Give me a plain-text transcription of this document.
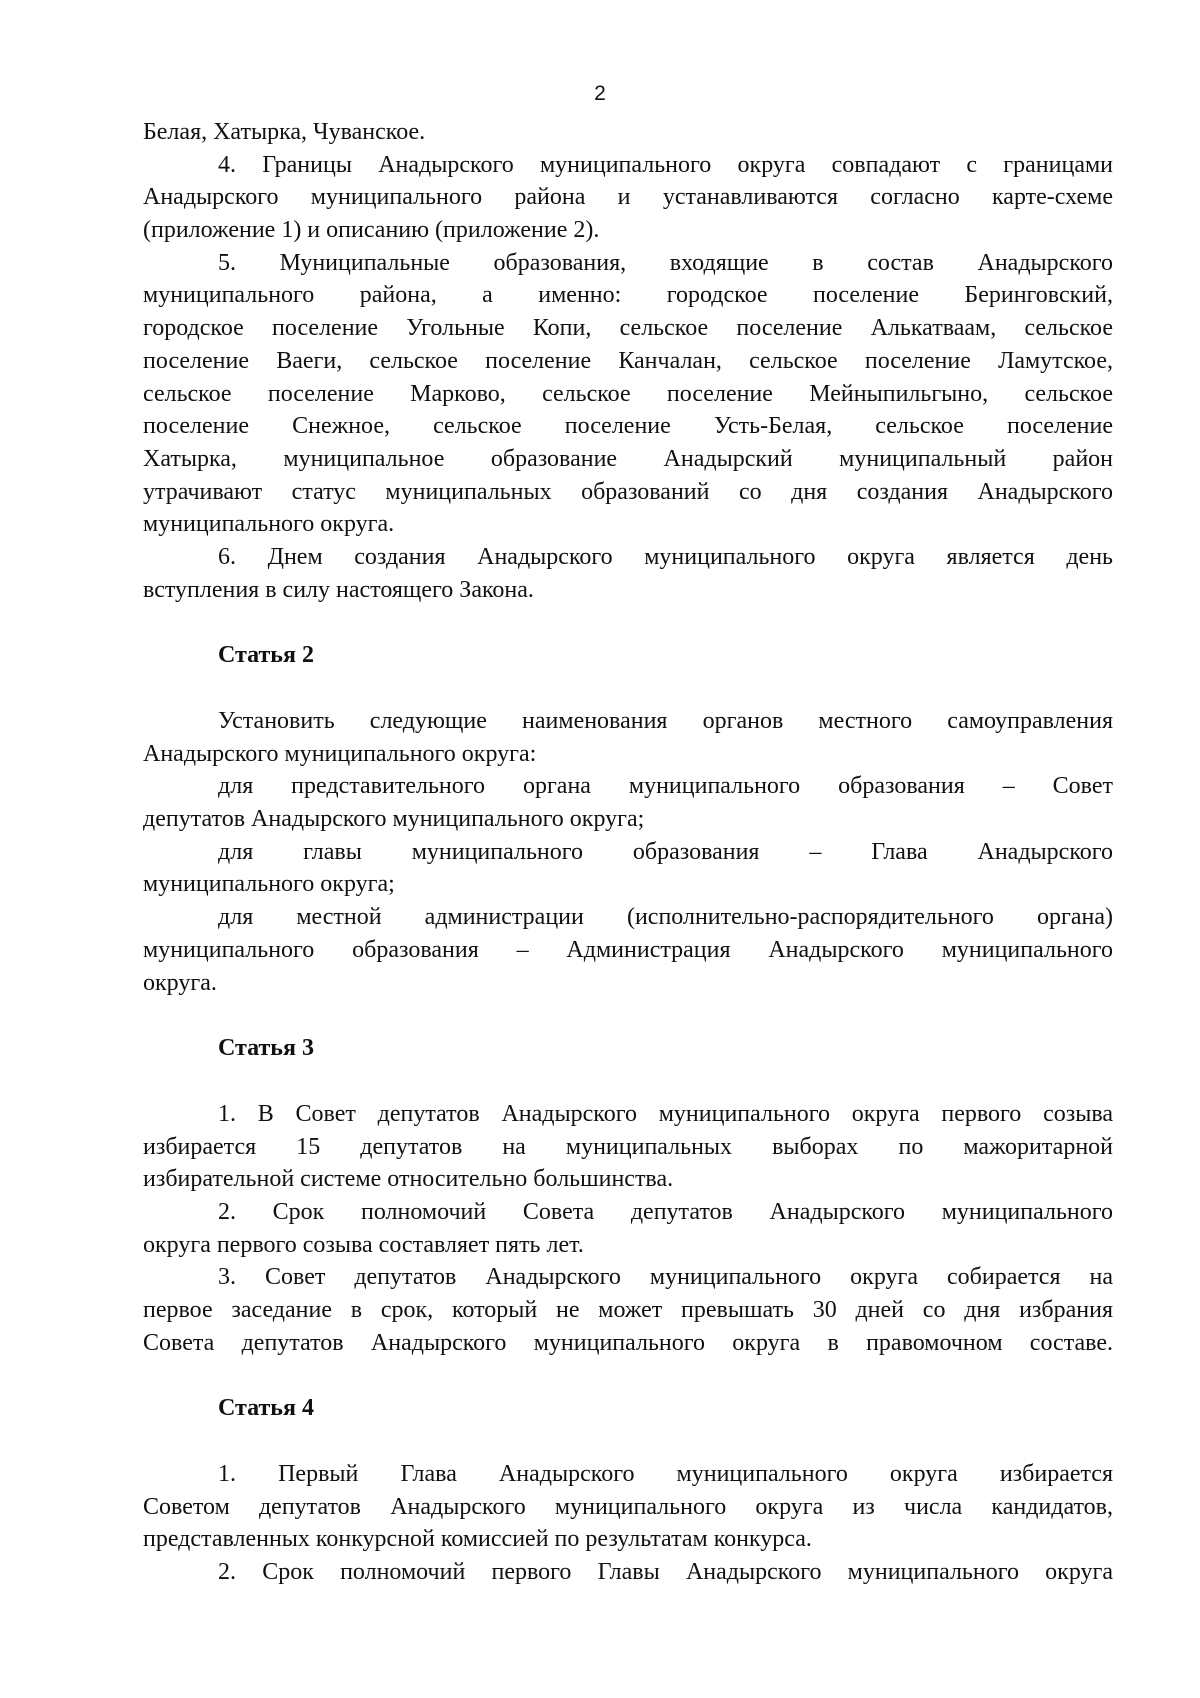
2
Белая, Хатырка, Чуванское.
4. Границы Анадырского муниципального округа совпадают с границами
Анадырского муниципального района и устанавливаются согласно карте-схеме
(приложение 1) и описанию (приложение 2).
5. Муниципальные образования, входящие в состав Анадырского
муниципального района, а именно: городское поселение Беринговский,
городское поселение Угольные Копи, сельское поселение Алькатваам, сельское
поселение Ваеги, сельское поселение Канчалан, сельское поселение Ламутское,
сельское поселение Марково, сельское поселение Мейныпильгыно, сельское
поселение Снежное, сельское поселение Усть-Белая, сельское поселение
Хатырка, муниципальное образование Анадырский муниципальный район
утрачивают статус муниципальных образований со дня создания Анадырского
муниципального округа.
6. Днем создания Анадырского муниципального округа является день
вступления в силу настоящего Закона.
Статья 2
Установить следующие наименования органов местного самоуправления
Анадырского муниципального округа:
для представительного органа муниципального образования – Совет
депутатов Анадырского муниципального округа;
для главы муниципального образования – Глава Анадырского
муниципального округа;
для местной администрации (исполнительно-распорядительного органа)
муниципального образования – Администрация Анадырского муниципального
округа.
Статья 3
1. В Совет депутатов Анадырского муниципального округа первого созыва
избирается 15 депутатов на муниципальных выборах по мажоритарной
избирательной системе относительно большинства.
2. Срок полномочий Совета депутатов Анадырского муниципального
округа первого созыва составляет пять лет.
3. Совет депутатов Анадырского муниципального округа собирается на
первое заседание в срок, который не может превышать 30 дней со дня избрания
Совета депутатов Анадырского муниципального округа в правомочном составе.
Статья 4
1. Первый Глава Анадырского муниципального округа избирается
Советом депутатов Анадырского муниципального округа из числа кандидатов,
представленных конкурсной комиссией по результатам конкурса.
2. Срок полномочий первого Главы Анадырского муниципального округа
